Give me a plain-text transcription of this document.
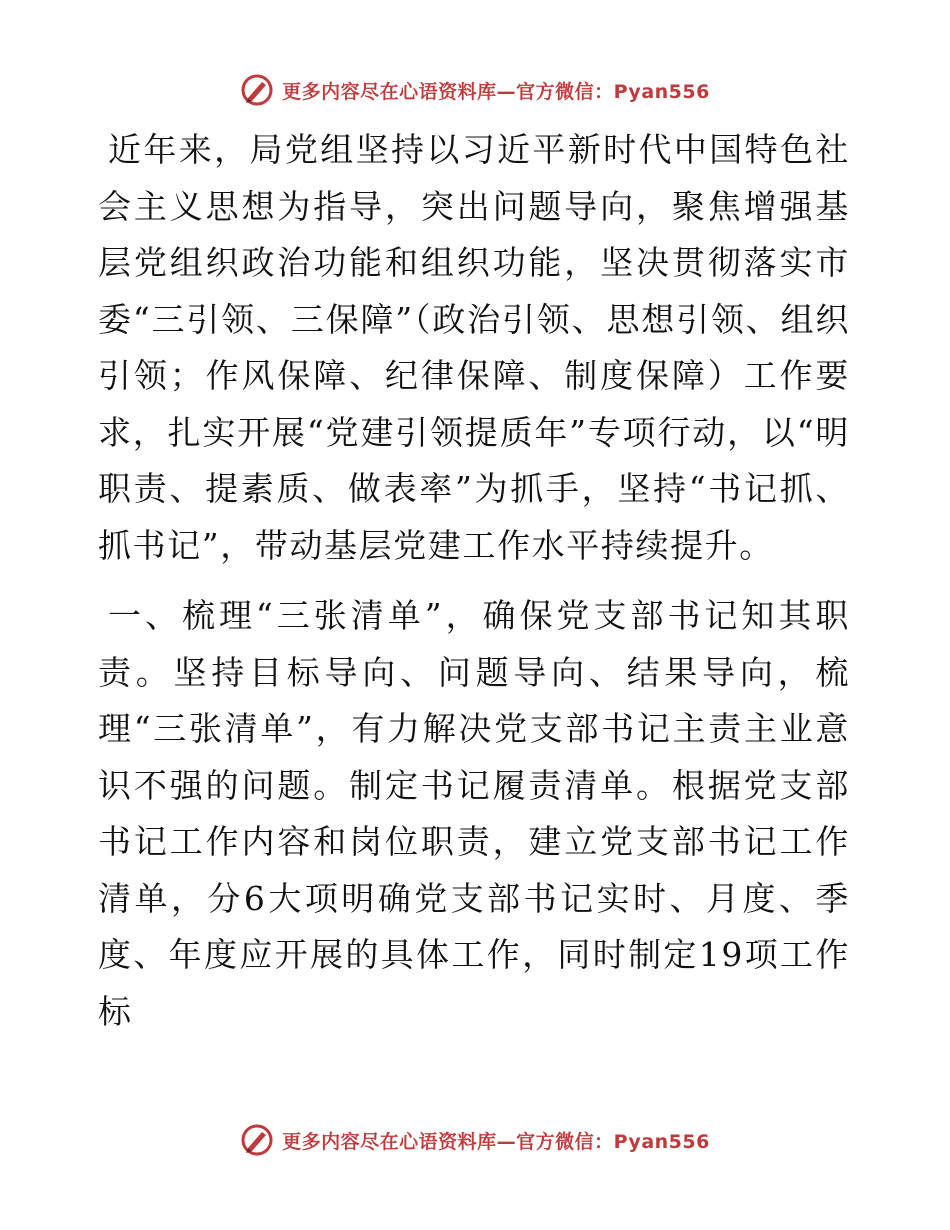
更多内容尽在心语资料库—官方微信：Pyan556

近年来，局党组坚持以习近平新时代中国特色社会主义思想为指导，突出问题导向，聚焦增强基层党组织政治功能和组织功能，坚决贯彻落实市委“三引领、三保障”（政治引领、思想引领、组织引领；作风保障、纪律保障、制度保障）工作要求，扎实开展“党建引领提质年”专项行动，以“明职责、提素质、做表率”为抓手，坚持“书记抓、抓书记”，带动基层党建工作水平持续提升。

一、梳理“三张清单”，确保党支部书记知其职责。坚持目标导向、问题导向、结果导向，梳理“三张清单”，有力解决党支部书记主责主业意识不强的问题。制定书记履责清单。根据党支部书记工作内容和岗位职责，建立党支部书记工作清单，分6大项明确党支部书记实时、月度、季度、年度应开展的具体工作，同时制定19项工作标

更多内容尽在心语资料库—官方微信：Pyan556
